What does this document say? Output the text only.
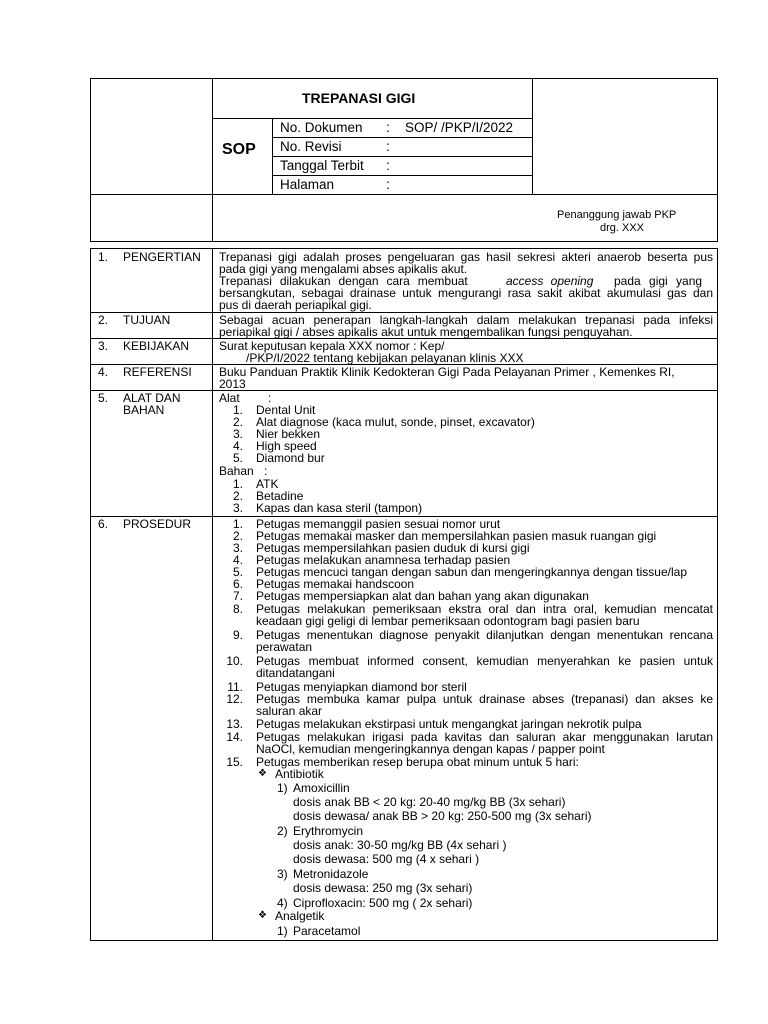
TREPANASI GIGI
SOP
No. Dokumen : SOP/ /PKP/I/2022
No. Revisi	:
Tanggal Terbit :
Halaman	:
Penanggung jawab PKP
drg. XXX
1. PENGERTIAN Trepanasi gigi adalah proses pengeluaran gas hasil sekresi akteri anaerob beserta pus
pada gigi yang mengalami abses apikalis akut.
Trepanasi dilakukan dengan cara membuat	access opening pada gigi yang
bersangkutan, sebagai drainase untuk mengurangi rasa sakit akibat akumulasi gas dan
pus di daerah periapikal gigi.
2. TUJUAN	Sebagai acuan penerapan langkah-langkah dalam melakukan trepanasi pada infeksi
periapikal gigi / abses apikalis akut untuk mengembalikan fungsi penguyahan.
3. KEBIJAKAN Surat keputusan kepala XXX nomor : Kep/
/PKP/I/2022 tentang kebijakan pelayanan klinis XXX
4. REFERENSI Buku Panduan Praktik Klinik Kedokteran Gigi Pada Pelayanan Primer , Kemenkes RI,
2013
5. ALAT DAN
BAHAN
Alat :
1. Dental Unit
2. Alat diagnose (kaca mulut, sonde, pinset, excavator)
3. Nier bekken
4. High speed
5. Diamond bur
Bahan :
1. ATK
2. Betadine
3. Kapas dan kasa steril (tampon)
6. PROSEDUR	1. Petugas memanggil pasien sesuai nomor urut
2. Petugas memakai masker dan mempersilahkan pasien masuk ruangan gigi
3. Petugas mempersilahkan pasien duduk di kursi gigi
4. Petugas melakukan anamnesa terhadap pasien
5. Petugas mencuci tangan dengan sabun dan mengeringkannya dengan tissue/lap
6. Petugas memakai handscoon
7. Petugas mempersiapkan alat dan bahan yang akan digunakan
8. Petugas melakukan pemeriksaan ekstra oral dan intra oral, kemudian mencatat
keadaan gigi geligi di lembar pemeriksaan odontogram bagi pasien baru
9. Petugas menentukan diagnose penyakit dilanjutkan dengan menentukan rencana
perawatan
10. Petugas membuat informed consent, kemudian menyerahkan ke pasien untuk
ditandatangani
11. Petugas menyiapkan diamond bor steril
12. Petugas membuka kamar pulpa untuk drainase abses (trepanasi) dan akses ke
saluran akar
13. Petugas melakukan ekstirpasi untuk mengangkat jaringan nekrotik pulpa
14. Petugas melakukan irigasi pada kavitas dan saluran akar menggunakan larutan
NaOCl, kemudian mengeringkannya dengan kapas / papper point
15. Petugas memberikan resep berupa obat minum untuk 5 hari:
❖ Antibiotik
1) Amoxicillin
dosis anak BB < 20 kg: 20-40 mg/kg BB (3x sehari)
dosis dewasa/ anak BB > 20 kg: 250-500 mg (3x sehari)
2) Erythromycin
dosis anak: 30-50 mg/kg BB (4x sehari )
dosis dewasa: 500 mg (4 x sehari )
3) Metronidazole
dosis dewasa: 250 mg (3x sehari)
4) Ciprofloxacin: 500 mg ( 2x sehari)
❖ Analgetik
1) Paracetamol
